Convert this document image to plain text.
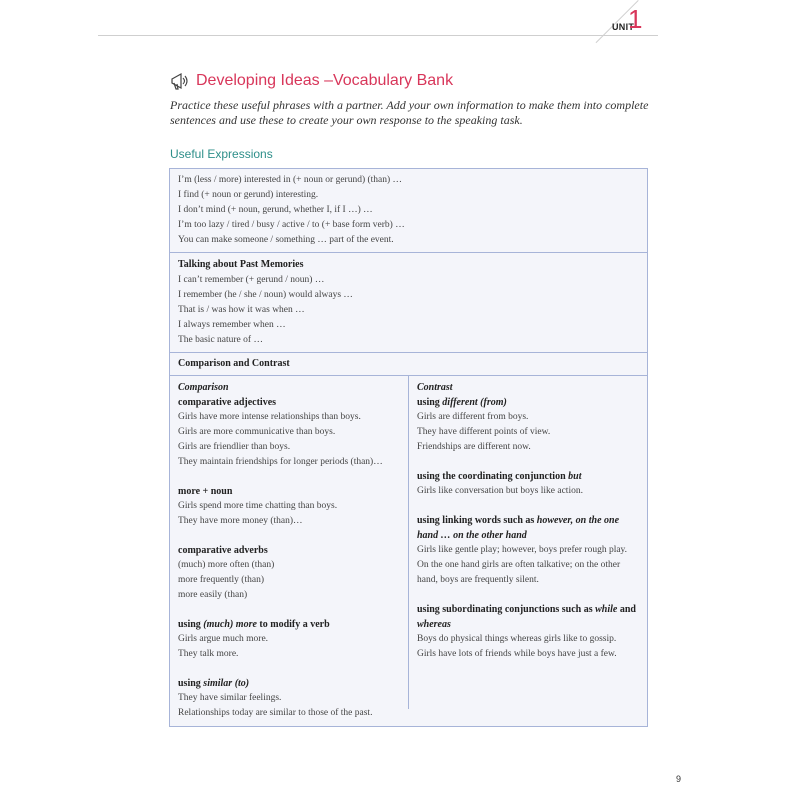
UNIT
1
Developing Ideas –Vocabulary Bank
Practice these useful phrases with a partner. Add your own information to make them into complete sentences and use these to create your own response to the speaking task.
Useful Expressions
I’m (less / more) interested in (+ noun or gerund) (than) …
I find (+ noun or gerund) interesting.
I don’t mind (+ noun, gerund, whether I, if I …) …
I’m too lazy / tired / busy / active / to (+ base form verb) …
You can make someone / something … part of the event.
Talking about Past Memories
I can’t remember (+ gerund / noun) …
I remember (he / she / noun) would always …
That is / was how it was when …
I always remember when …
The basic nature of …
Comparison and Contrast
Comparison
comparative adjectives
Girls have more intense relationships than boys.
Girls are more communicative than boys.
Girls are friendlier than boys.
They maintain friendships for longer periods (than)…
more + noun
Girls spend more time chatting than boys.
They have more money (than)…
comparative adverbs
(much) more often (than)
more frequently (than)
more easily (than)
using (much) more to modify a verb
Girls argue much more.
They talk more.
using similar (to)
They have similar feelings.
Relationships today are similar to those of the past.
Contrast
using different (from)
Girls are different from boys.
They have different points of view.
Friendships are different now.
using the coordinating conjunction but
Girls like conversation but boys like action.
using linking words such as however, on the one hand … on the other hand
Girls like gentle play; however, boys prefer rough play.
On the one hand girls are often talkative; on the other hand, boys are frequently silent.
using subordinating conjunctions such as while and whereas
Boys do physical things whereas girls like to gossip.
Girls have lots of friends while boys have just a few.
9
